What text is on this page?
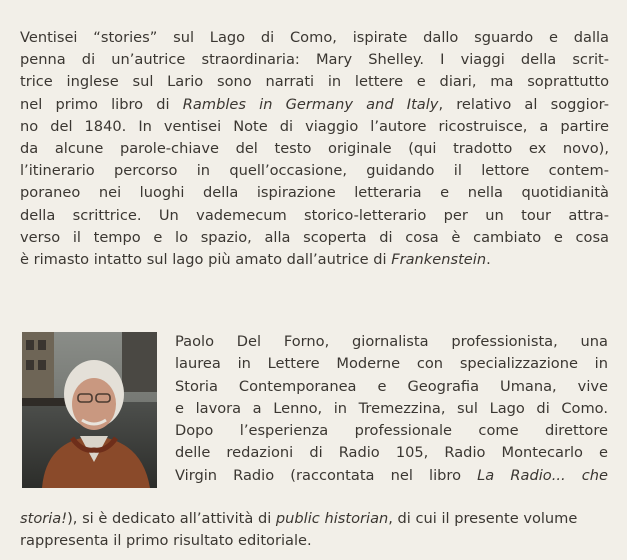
Ventisei “stories” sul Lago di Como, ispirate dallo sguardo e dalla
penna di un’autrice straordinaria: Mary Shelley. I viaggi della scrit-
trice inglese sul Lario sono narrati in lettere e diari, ma soprattutto
nel primo libro di Rambles in Germany and Italy, relativo al soggior-
no del 1840. In ventisei Note di viaggio l’autore ricostruisce, a partire
da alcune parole-chiave del testo originale (qui tradotto ex novo),
l’itinerario percorso in quell’occasione, guidando il lettore contem-
poraneo nei luoghi della ispirazione letteraria e nella quotidianità
della scrittrice. Un vademecum storico-letterario per un tour attra-
verso il tempo e lo spazio, alla scoperta di cosa è cambiato e cosa
è rimasto intatto sul lago più amato dall’autrice di Frankenstein.
Paolo Del Forno, giornalista professionista, una
laurea in Lettere Moderne con specializzazione in
Storia Contemporanea e Geografia Umana, vive
e lavora a Lenno, in Tremezzina, sul Lago di Como.
Dopo l’esperienza professionale come direttore
delle redazioni di Radio 105, Radio Montecarlo e
Virgin Radio (raccontata nel libro La Radio... che
storia!), si è dedicato all’attività di public historian, di cui il presente volume rappresenta il primo risultato editoriale.
